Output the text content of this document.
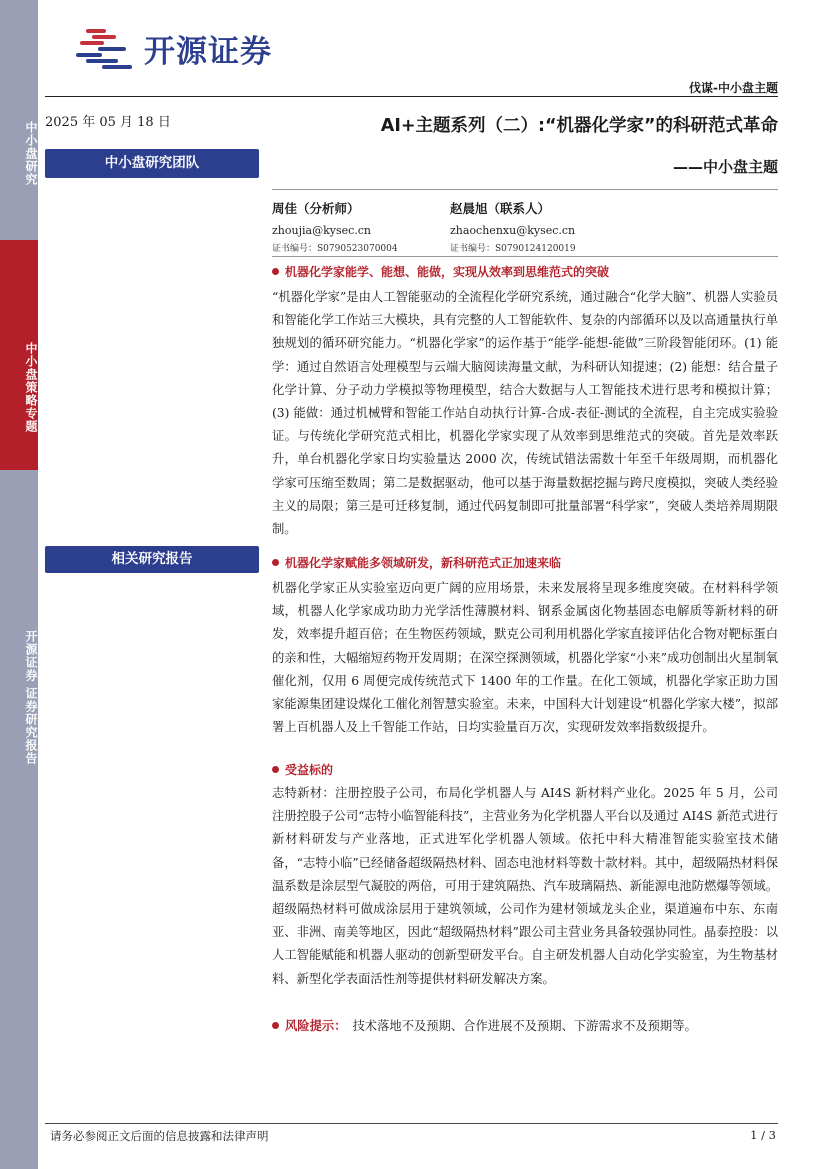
中小盘研究
中小盘策略专题
开源证券 证券研究报告
开源证券
伐谋-中小盘主题
2025 年 05 月 18 日	AI+主题系列（二）:“机器化学家”的科研范式革命
——中小盘主题
中小盘研究团队
相关研究报告
周佳（分析师）
zhoujia@kysec.cn
证书编号：S0790523070004
赵晨旭（联系人）
zhaochenxu@kysec.cn
证书编号：S0790124120019
机器化学家能学、能想、能做，实现从效率到思维范式的突破
“机器化学家”是由人工智能驱动的全流程化学研究系统，通过融合“化学大脑”、机器人实验员和智能化学工作站三大模块，具有完整的人工智能软件、复杂的内部循环以及以高通量执行单独规划的循环研究能力。“机器化学家”的运作基于“能学-能想-能做”三阶段智能闭环。(1) 能学：通过自然语言处理模型与云端大脑阅读海量文献，为科研认知提速；(2) 能想：结合量子化学计算、分子动力学模拟等物理模型，结合大数据与人工智能技术进行思考和模拟计算；(3) 能做：通过机械臂和智能工作站自动执行计算-合成-表征-测试的全流程，自主完成实验验证。与传统化学研究范式相比，机器化学家实现了从效率到思维范式的突破。首先是效率跃升，单台机器化学家日均实验量达 2000 次，传统试错法需数十年至千年级周期，而机器化学家可压缩至数周；第二是数据驱动，他可以基于海量数据挖掘与跨尺度模拟，突破人类经验主义的局限；第三是可迁移复制，通过代码复制即可批量部署“科学家”，突破人类培养周期限制。
机器化学家赋能多领域研发，新科研范式正加速来临
机器化学家正从实验室迈向更广阔的应用场景，未来发展将呈现多维度突破。在材料科学领域，机器人化学家成功助力光学活性薄膜材料、钢系金属卤化物基固态电解质等新材料的研发，效率提升超百倍；在生物医药领域，默克公司利用机器化学家直接评估化合物对靶标蛋白的亲和性，大幅缩短药物开发周期；在深空探测领域，机器化学家“小来”成功创制出火星制氧催化剂，仅用 6 周便完成传统范式下 1400 年的工作量。在化工领域，机器化学家正助力国家能源集团建设煤化工催化剂智慧实验室。未来，中国科大计划建设“机器化学家大楼”，拟部署上百机器人及上千智能工作站，日均实验量百万次，实现研发效率指数级提升。
受益标的
志特新材：注册控股子公司，布局化学机器人与 AI4S 新材料产业化。2025 年 5 月，公司注册控股子公司“志特小临智能科技”，主营业务为化学机器人平台以及通过 AI4S 新范式进行新材料研发与产业落地，正式进军化学机器人领域。依托中科大精准智能实验室技术储备，“志特小临”已经储备超级隔热材料、固态电池材料等数十款材料。其中，超级隔热材料保温系数是涂层型气凝胶的两倍，可用于建筑隔热、汽车玻璃隔热、新能源电池防燃爆等领域。超级隔热材料可做成涂层用于建筑领域，公司作为建材领域龙头企业，渠道遍布中东、东南亚、非洲、南美等地区，因此“超级隔热材料”跟公司主营业务具备较强协同性。晶泰控股：以人工智能赋能和机器人驱动的创新型研发平台。自主研发机器人自动化学实验室，为生物基材料、新型化学表面活性剂等提供材料研发解决方案。
风险提示： 技术落地不及预期、合作进展不及预期、下游需求不及预期等。
请务必参阅正文后面的信息披露和法律声明	1 / 3
